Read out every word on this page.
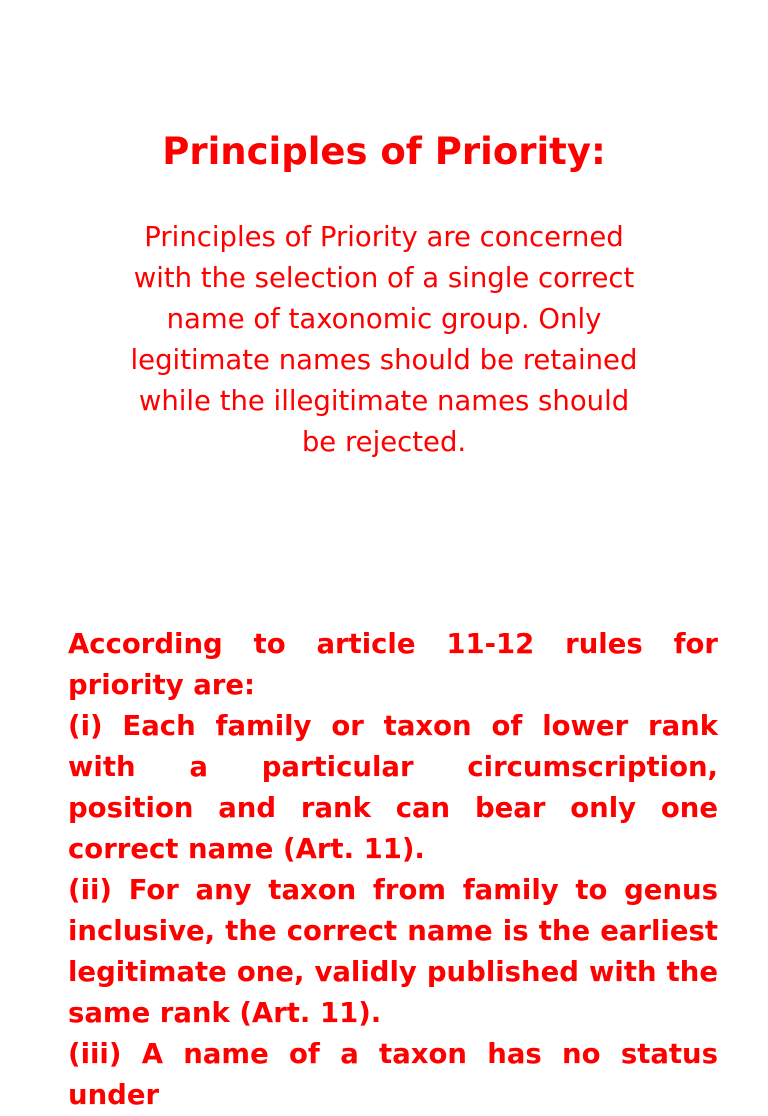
Principles of Priority:

Principles of Priority are concerned with the selection of a single correct name of taxonomic group. Only legitimate names should be retained while the illegitimate names should be rejected.

According to article 11-12 rules for priority are:

(i) Each family or taxon of lower rank with a particular circumscription, position and rank can bear only one correct name (Art. 11).

(ii) For any taxon from family to genus inclusive, the correct name is the earliest legitimate one, validly published with the same rank (Art. 11).

(iii) A name of a taxon has no status under
